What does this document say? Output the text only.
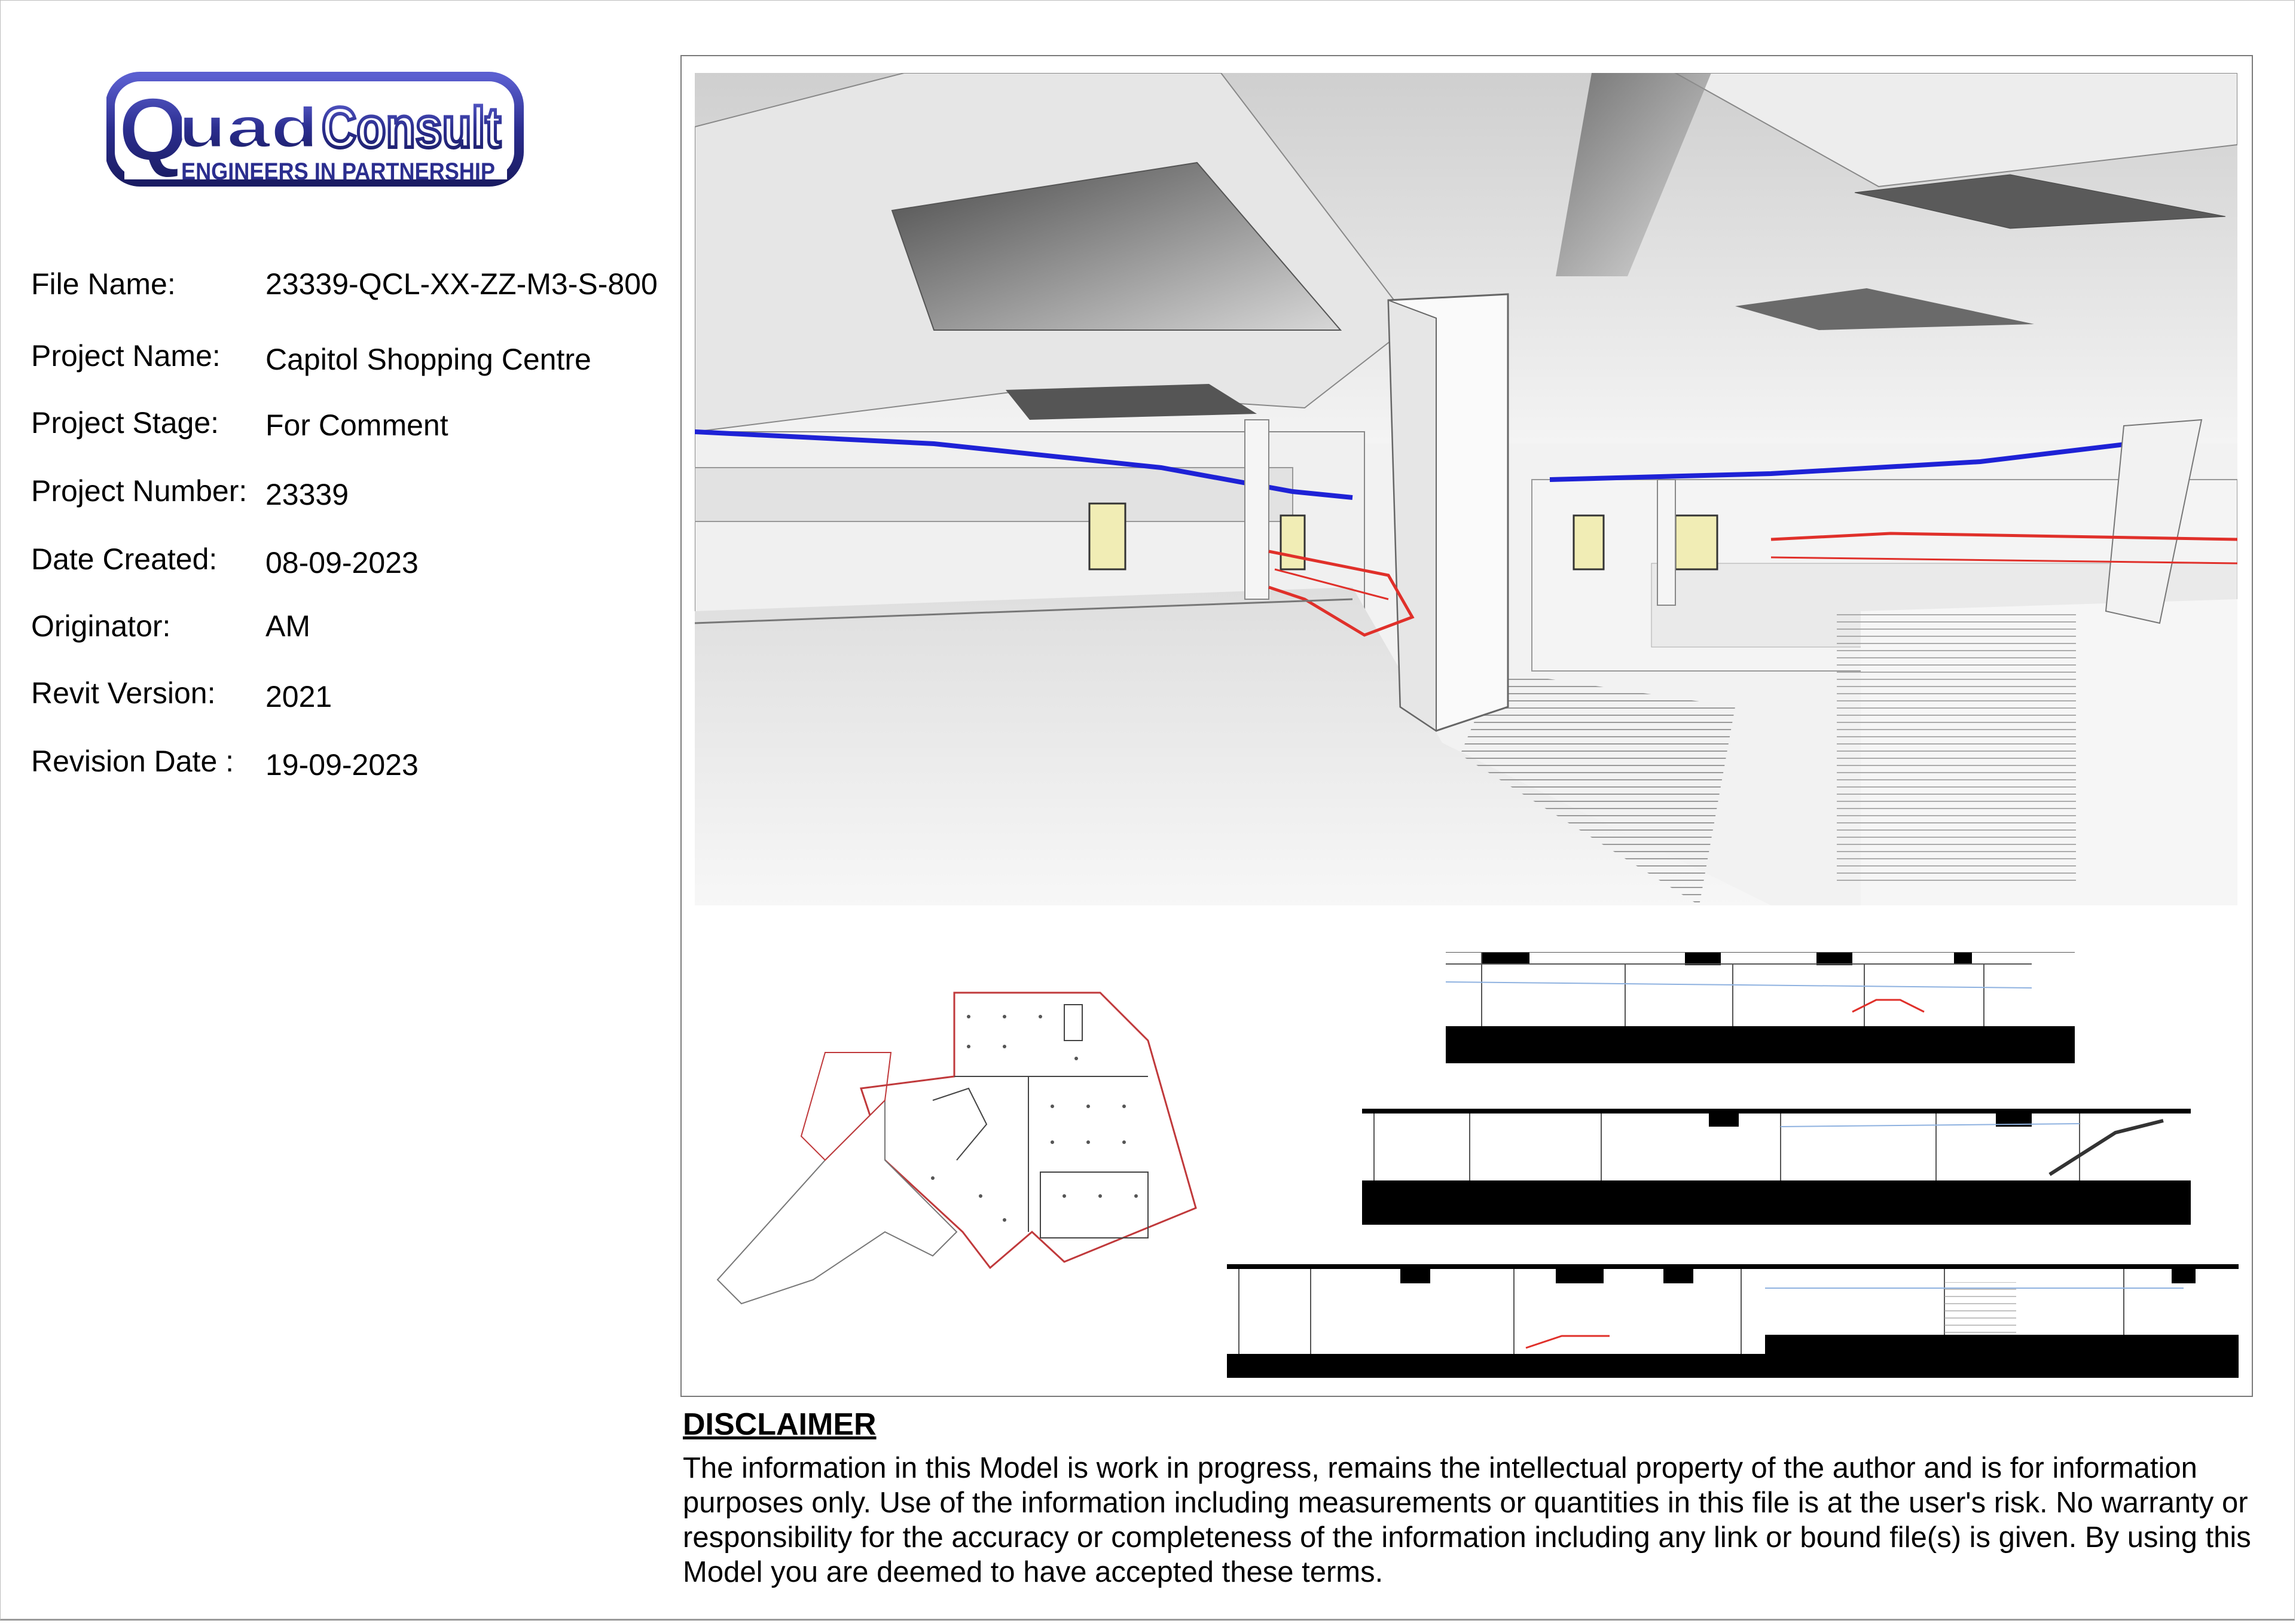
Q
uad Consult
ENGINEERS IN PARTNERSHIP
File Name:	23339-QCL-XX-ZZ-M3-S-800
Project Name: Capitol Shopping Centre
Project Stage: For Comment
Project Number: 23339
Date Created: 08-09-2023
Originator:	AM
Revit Version: 2021
Revision Date : 19-09-2023
DISCLAIMER
The information in this Model is work in progress, remains the intellectual property of the author and is for information purposes only. Use of the information including measurements or quantities in this file is at the user's risk. No warranty or responsibility for the accuracy or completeness of the information including any link or bound file(s) is given. By using this Model you are deemed to have accepted these terms.
